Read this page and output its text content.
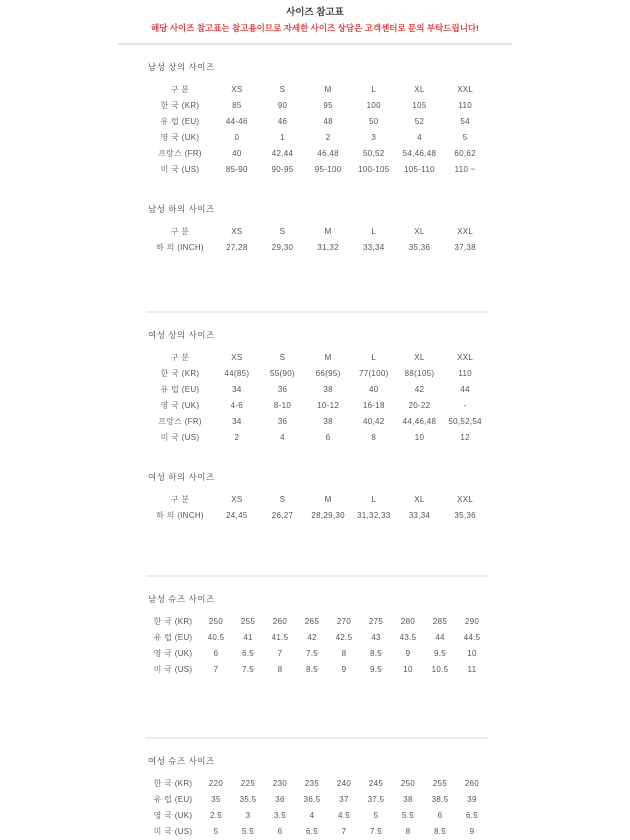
사이즈 참고표
해당 사이즈 참고표는 참고용이므로 자세한 사이즈 상담은 고객센터로 문의 부탁드립니다!
남성 상의 사이즈
구 분	XS	S	M	L	XL	XXL
한 국 (KR)	85	90	95	100	105	110
유 럽 (EU)	44-46	46	48	50	52	54
영 국 (UK)	0	1	2	3	4	5
프랑스 (FR)	40	42,44	46,48	50,52	54,46,48	60,62
미 국 (US)	85-90	90-95	95-100	100-105	105-110	110 ~
남성 하의 사이즈
구 분	XS	S	M	L	XL	XXL
하 의 (INCH)	27,28	29,30	31,32	33,34	35,36	37,38
여성 상의 사이즈
구 분	XS	S	M	L	XL	XXL
한 국 (KR)	44(85)	55(90)	66(95)	77(100)	88(105)	110
유 럽 (EU)	34	36	38	40	42	44
영 국 (UK)	4-6	8-10	10-12	16-18	20-22	-
프랑스 (FR)	34	36	38	40,42	44,46,48	50,52,54
미 국 (US)	2	4	6	8	10	12
여성 하의 사이즈
구 분	XS	S	M	L	XL	XXL
하 의 (INCH)	24,45	26,27	28,29,30	31,32,33	33,34	35,36
남성 슈즈 사이즈
한 국 (KR)	250	255	260	265	270	275	280	285	290
유 럽 (EU)	40.5	41	41.5	42	42.5	43	43.5	44	44.5
영 국 (UK)	6	6.5	7	7.5	8	8.5	9	9.5	10
미 국 (US)	7	7.5	8	8.5	9	9.5	10	10.5	11
여성 슈즈 사이즈
한 국 (KR)	220	225	230	235	240	245	250	255	260
유 럽 (EU)	35	35.5	36	36.5	37	37.5	38	38.5	39
영 국 (UK)	2.5	3	3.5	4	4.5	5	5.5	6	6.5
미 국 (US)	5	5.5	6	6.5	7	7.5	8	8.5	9
